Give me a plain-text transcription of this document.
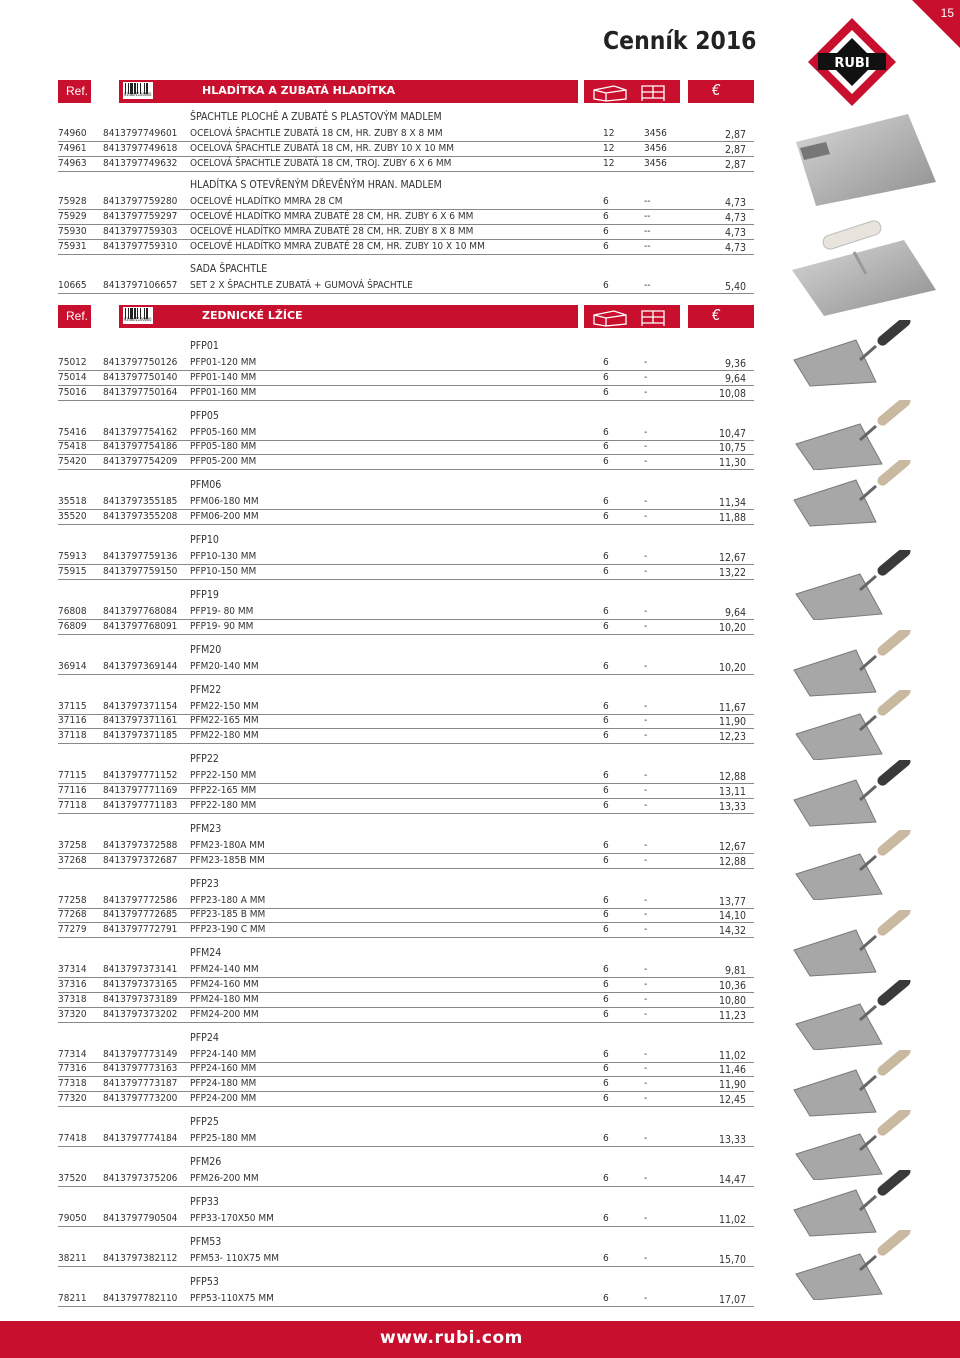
15
Cenník 2016
RUBI
Ref.	934801106600	HLADÍTKA A ZUBATÁ HLADÍTKA	€
ŠPACHTLE PLOCHÉ A ZUBATÉ S PLASTOVÝM MADLEM
74960 8413797749601 OCELOVÁ ŠPACHTLE ZUBATÁ 18 CM, HR. ZUBY 8 X 8 MM	12	3456	2,87
74961 8413797749618 OCELOVÁ ŠPACHTLE ZUBATÁ 18 CM, HR. ZUBY 10 X 10 MM	12	3456	2,87
74963 8413797749632 OCELOVÁ ŠPACHTLE ZUBATÁ 18 CM, TROJ. ZUBY 6 X 6 MM	12	3456	2,87
HLADÍTKA S OTEVŘENÝM DŘEVĚNÝM HRAN. MADLEM
75928 8413797759280 OCELOVÉ HLADÍTKO MMRA 28 CM	6	--	4,73
75929 8413797759297 OCELOVÉ HLADÍTKO MMRA ZUBATÉ 28 CM, HR. ZUBY 6 X 6 MM	6	--	4,73
75930 8413797759303 OCELOVÉ HLADÍTKO MMRA ZUBATÉ 28 CM, HR. ZUBY 8 X 8 MM	6	--	4,73
75931 8413797759310 OCELOVÉ HLADÍTKO MMRA ZUBATÉ 28 CM, HR. ZUBY 10 X 10 MM	6	--	4,73
SADA ŠPACHTLE
10665 8413797106657 SET 2 X ŠPACHTLE ZUBATÁ + GUMOVÁ ŠPACHTLE	6	--	5,40
Ref.	934801106600	ZEDNICKÉ LŽÍCE	€
PFP01
75012 8413797750126 PFP01-120 MM	6	-	9,36
75014 8413797750140 PFP01-140 MM	6	-	9,64
75016 8413797750164 PFP01-160 MM	6	-	10,08
PFP05
75416 8413797754162 PFP05-160 MM	6	-	10,47
75418 8413797754186 PFP05-180 MM	6	-	10,75
75420 8413797754209 PFP05-200 MM	6	-	11,30
PFM06
35518 8413797355185 PFM06-180 MM	6	-	11,34
35520 8413797355208 PFM06-200 MM	6	-	11,88
PFP10
75913 8413797759136 PFP10-130 MM	6	-	12,67
75915 8413797759150 PFP10-150 MM	6	-	13,22
PFP19
76808 8413797768084 PFP19- 80 MM	6	-	9,64
76809 8413797768091 PFP19- 90 MM	6	-	10,20
PFM20
36914 8413797369144 PFM20-140 MM	6	-	10,20
PFM22
37115 8413797371154 PFM22-150 MM	6	-	11,67
37116 8413797371161 PFM22-165 MM	6	-	11,90
37118 8413797371185 PFM22-180 MM	6	-	12,23
PFP22
77115 8413797771152 PFP22-150 MM	6	-	12,88
77116 8413797771169 PFP22-165 MM	6	-	13,11
77118 8413797771183 PFP22-180 MM	6	-	13,33
PFM23
37258 8413797372588 PFM23-180A MM	6	-	12,67
37268 8413797372687 PFM23-185B MM	6	-	12,88
PFP23
77258 8413797772586 PFP23-180 A MM	6	-	13,77
77268 8413797772685 PFP23-185 B MM	6	-	14,10
77279 8413797772791 PFP23-190 C MM	6	-	14,32
PFM24
37314 8413797373141 PFM24-140 MM	6	-	9,81
37316 8413797373165 PFM24-160 MM	6	-	10,36
37318 8413797373189 PFM24-180 MM	6	-	10,80
37320 8413797373202 PFM24-200 MM	6	-	11,23
PFP24
77314 8413797773149 PFP24-140 MM	6	-	11,02
77316 8413797773163 PFP24-160 MM	6	-	11,46
77318 8413797773187 PFP24-180 MM	6	-	11,90
77320 8413797773200 PFP24-200 MM	6	-	12,45
PFP25
77418 8413797774184 PFP25-180 MM	6	-	13,33
PFM26
37520 8413797375206 PFM26-200 MM	6	-	14,47
PFP33
79050 8413797790504 PFP33-170X50 MM	6	-	11,02
PFM53
38211 8413797382112 PFM53- 110X75 MM	6	-	15,70
PFP53
78211 8413797782110 PFP53-110X75 MM	6	-	17,07
www.rubi.com
